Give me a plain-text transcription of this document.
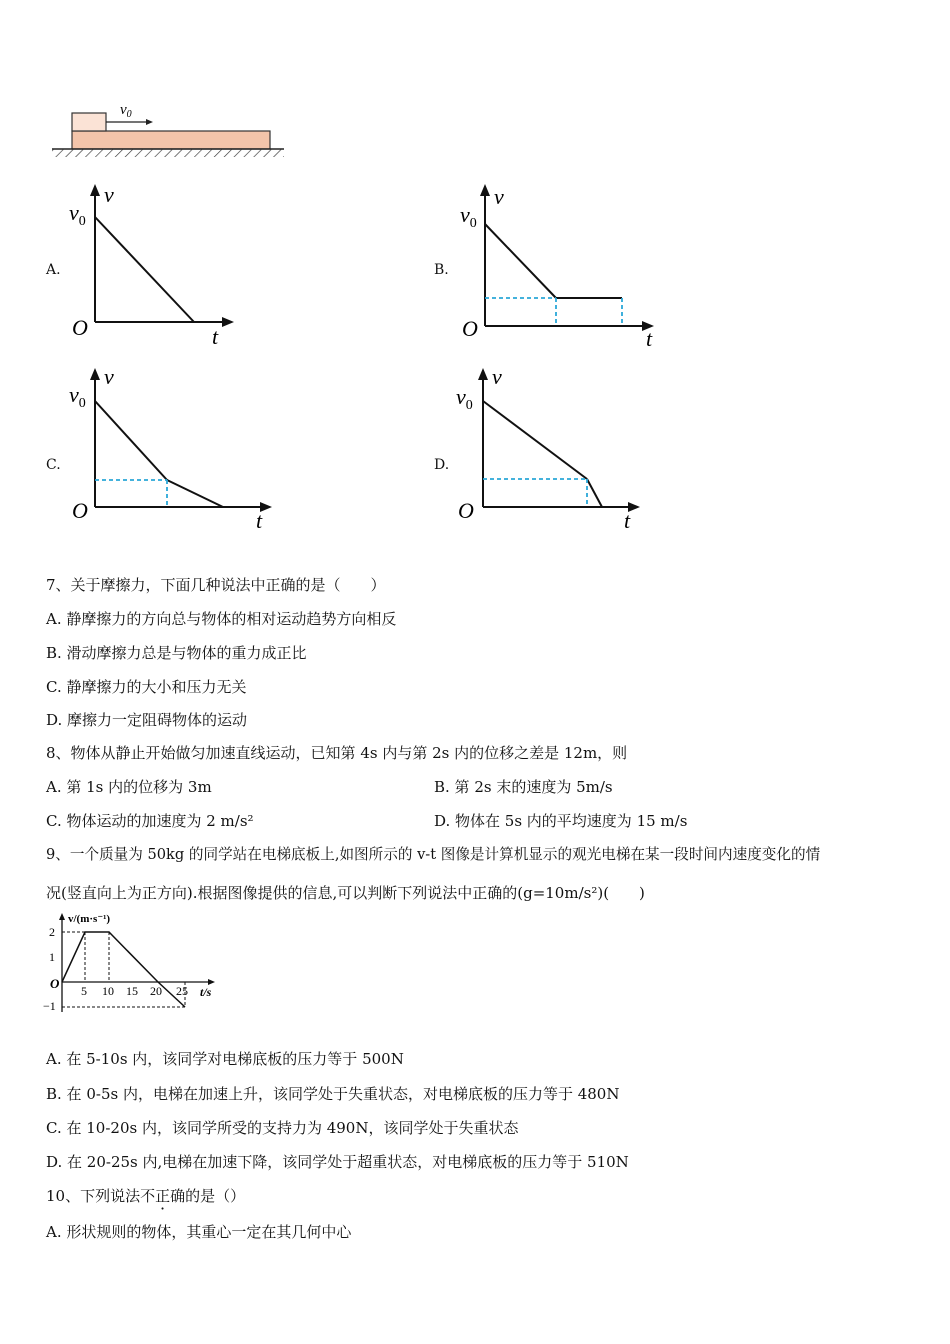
$v_0$
A.
v
$v_0$
O	t
B.
v
$v_0$
O	t
C.
v
$v_0$
O	t
D.
v
$v_0$
O	t
7、关于摩擦力，下面几种说法中正确的是（　　）
A. 静摩擦力的方向总与物体的相对运动趋势方向相反
B. 滑动摩擦力总是与物体的重力成正比
C. 静摩擦力的大小和压力无关
D. 摩擦力一定阻碍物体的运动
8、物体从静止开始做匀加速直线运动，已知第 4s 内与第 2s 内的位移之差是 12m，则
A. 第 1s 内的位移为 3m	B. 第 2s 末的速度为 5m/s
C. 物体运动的加速度为 2 m/s²	D. 物体在 5s 内的平均速度为 15 m/s
9、一个质量为 50kg 的同学站在电梯底板上,如图所示的 v-t 图像是计算机显示的观光电梯在某一段时间内速度变化的情
况(竖直向上为正方向).根据图像提供的信息,可以判断下列说法中正确的(g=10m/s²)(　　)
v/(m·s⁻¹)
2
1
−1
O 5 10 15 20 25 t/s
A. 在 5-10s 内，该同学对电梯底板的压力等于 500N
B. 在 0-5s 内，电梯在加速上升，该同学处于失重状态，对电梯底板的压力等于 480N
C. 在 10-20s 内，该同学所受的支持力为 490N，该同学处于失重状态
D. 在 20-25s 内,电梯在加速下降，该同学处于超重状态，对电梯底板的压力等于 510N
10、下列说法不正确的是（）
A. 形状规则的物体，其重心一定在其几何中心
